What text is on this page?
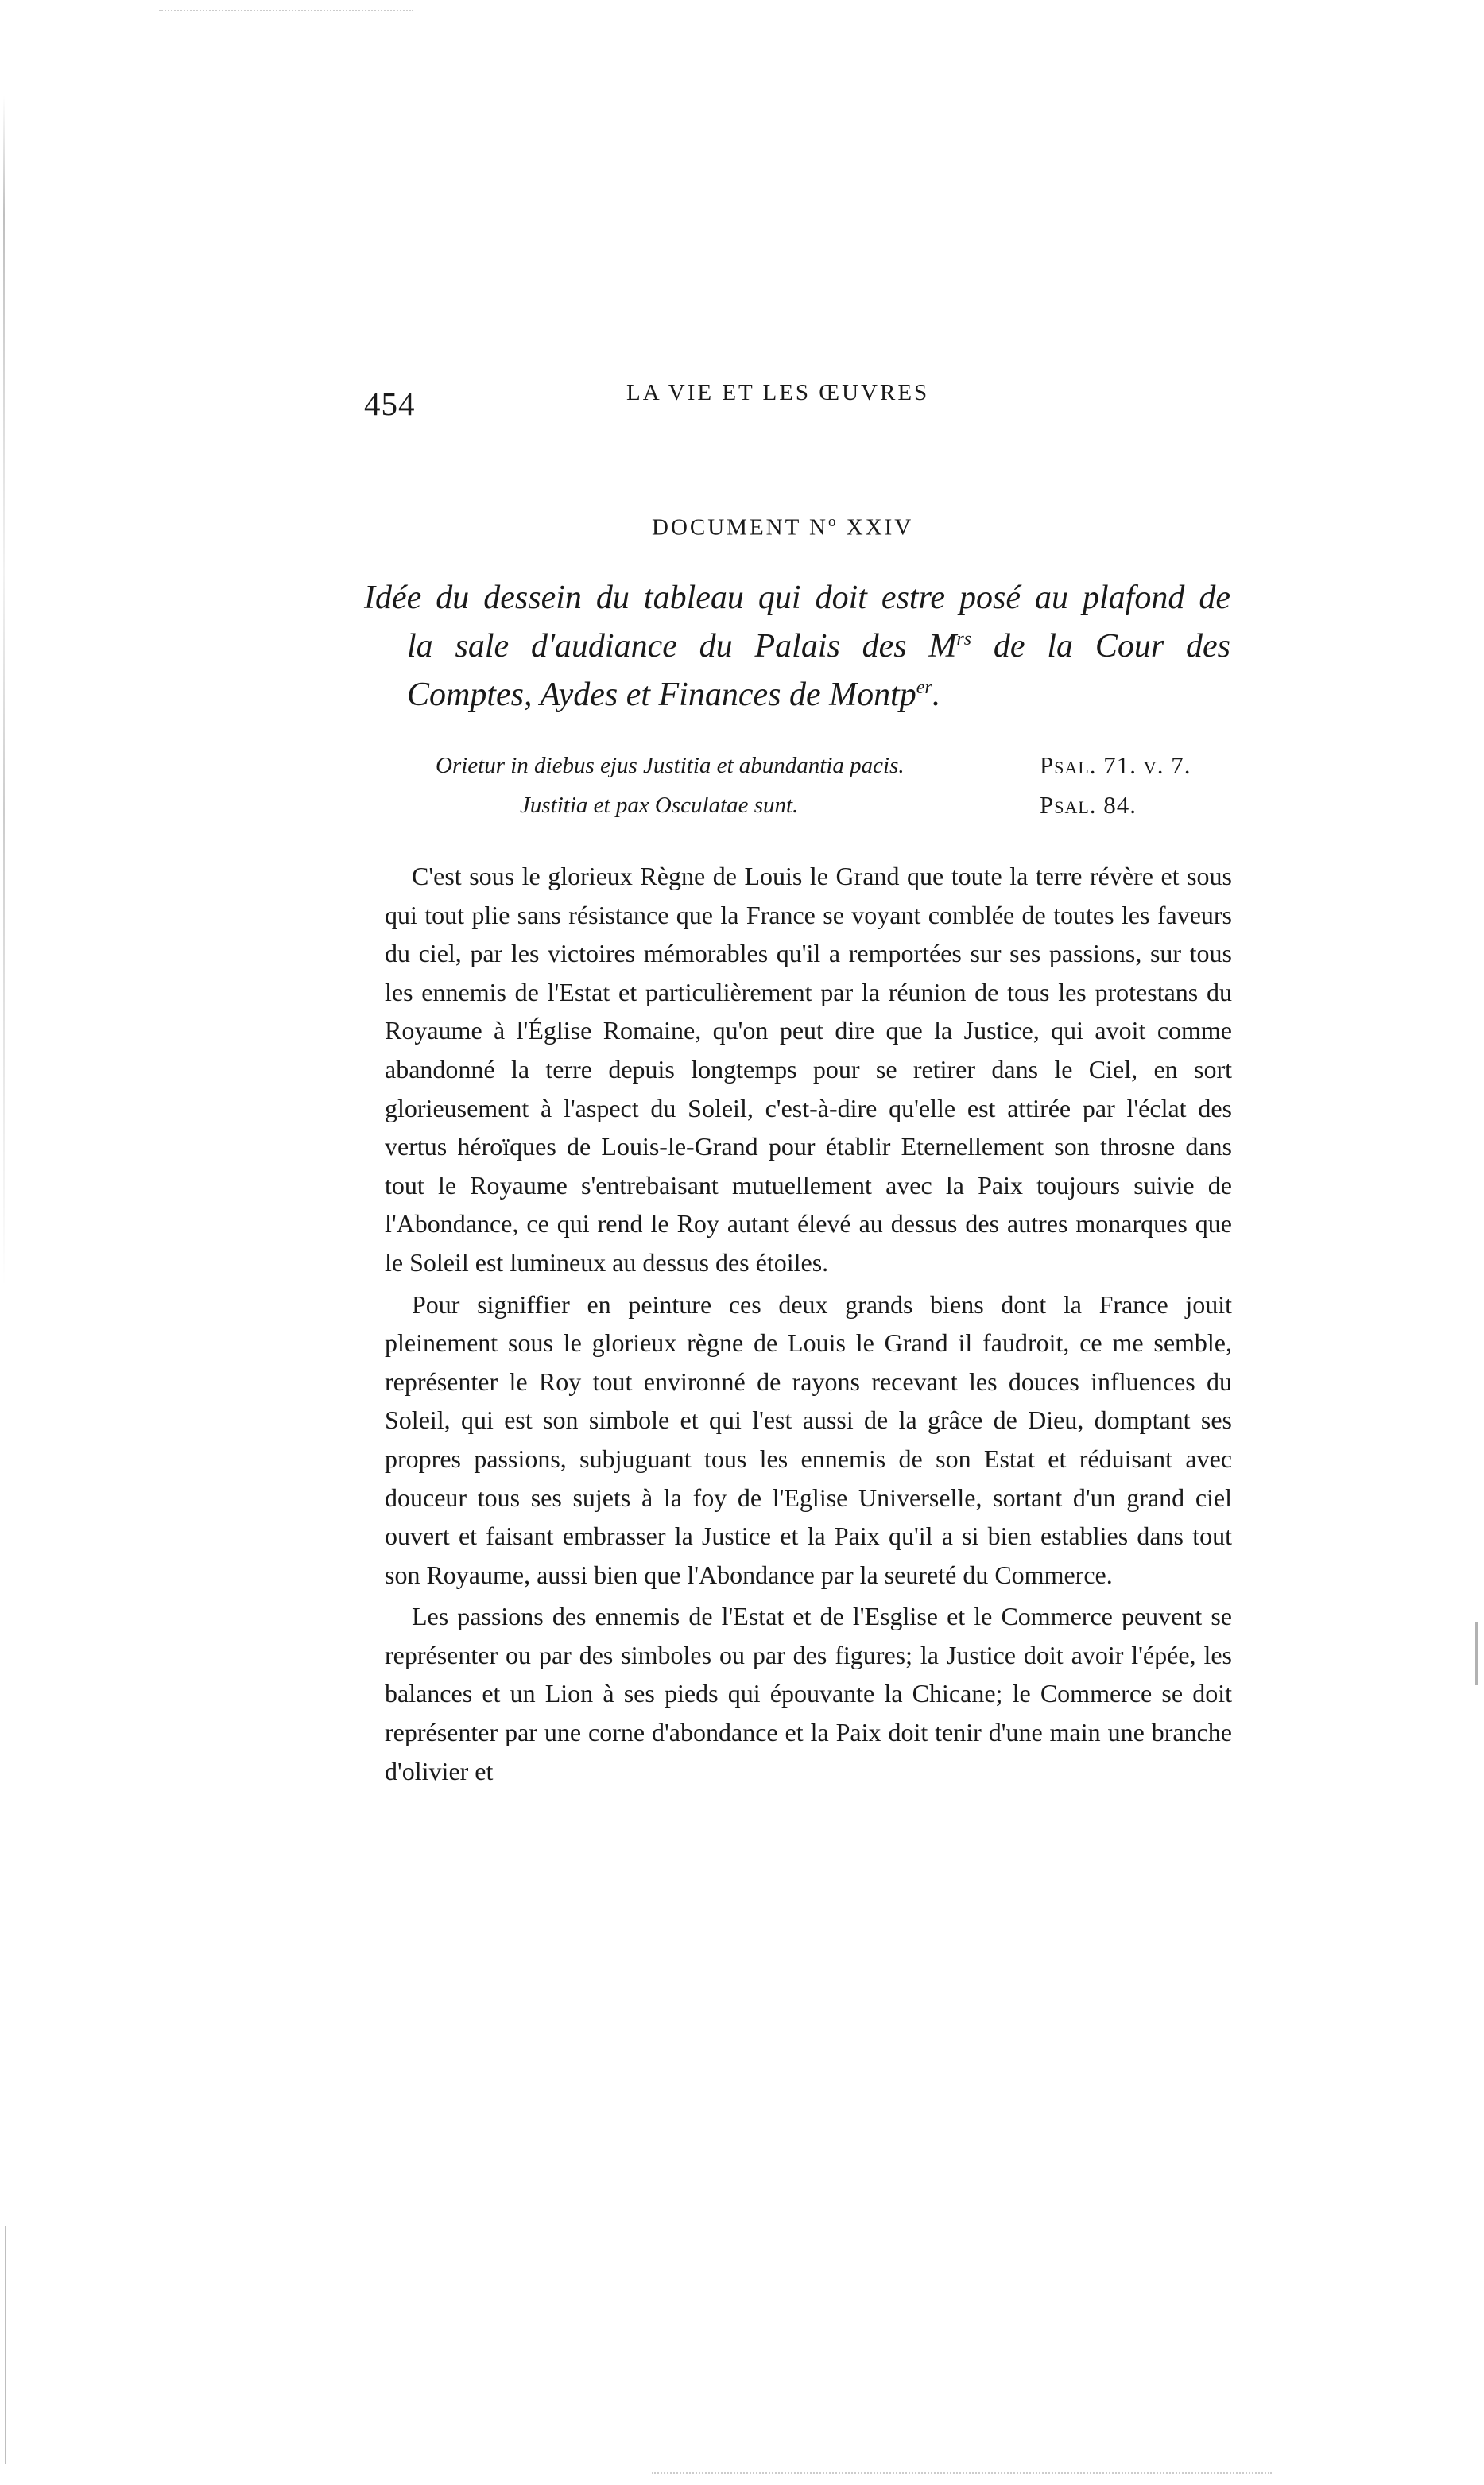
454	LA VIE ET LES ŒUVRES
DOCUMENT $N^o$ XXIV
Idée du dessein du tableau qui doit estre posé au plafond de
la sale d'audiance du Palais des $M^{rs}$ de la Cour des
Comptes, Aydes et Finances de Montp$^{er}$.
Orietur in diebus ejus Justitia et abundantia pacis.	Psal. 71. v. 7.
Justitia et pax Osculatae sunt.	Psal. 84.

C'est sous le glorieux Règne de Louis le Grand que toute la terre révère et sous qui tout plie sans résistance que la France se voyant comblée de toutes les faveurs du ciel, par les victoires mémorables qu'il a remportées sur ses passions, sur tous les ennemis de l'Estat et particulièrement par la réunion de tous les protestans du Royaume à l'Église Romaine, qu'on peut dire que la Justice, qui avoit comme abandonné la terre depuis longtemps pour se retirer dans le Ciel, en sort glorieusement à l'aspect du Soleil, c'est-à-dire qu'elle est attirée par l'éclat des vertus héroïques de Louis-le-Grand pour établir Eternellement son throsne dans tout le Royaume s'entrebaisant mutuellement avec la Paix toujours suivie de l'Abondance, ce qui rend le Roy autant élevé au dessus des autres monarques que le Soleil est lumineux au dessus des étoiles.

Pour signiffier en peinture ces deux grands biens dont la France jouit pleinement sous le glorieux règne de Louis le Grand il faudroit, ce me semble, représenter le Roy tout environné de rayons recevant les douces influences du Soleil, qui est son simbole et qui l'est aussi de la grâce de Dieu, domptant ses propres passions, subjuguant tous les ennemis de son Estat et réduisant avec douceur tous ses sujets à la foy de l'Eglise Universelle, sortant d'un grand ciel ouvert et faisant embrasser la Justice et la Paix qu'il a si bien establies dans tout son Royaume, aussi bien que l'Abondance par la seureté du Commerce.

Les passions des ennemis de l'Estat et de l'Esglise et le Commerce peuvent se représenter ou par des simboles ou par des figures; la Justice doit avoir l'épée, les balances et un Lion à ses pieds qui épouvante la Chicane; le Commerce se doit représenter par une corne d'abondance et la Paix doit tenir d'une main une branche d'olivier et
